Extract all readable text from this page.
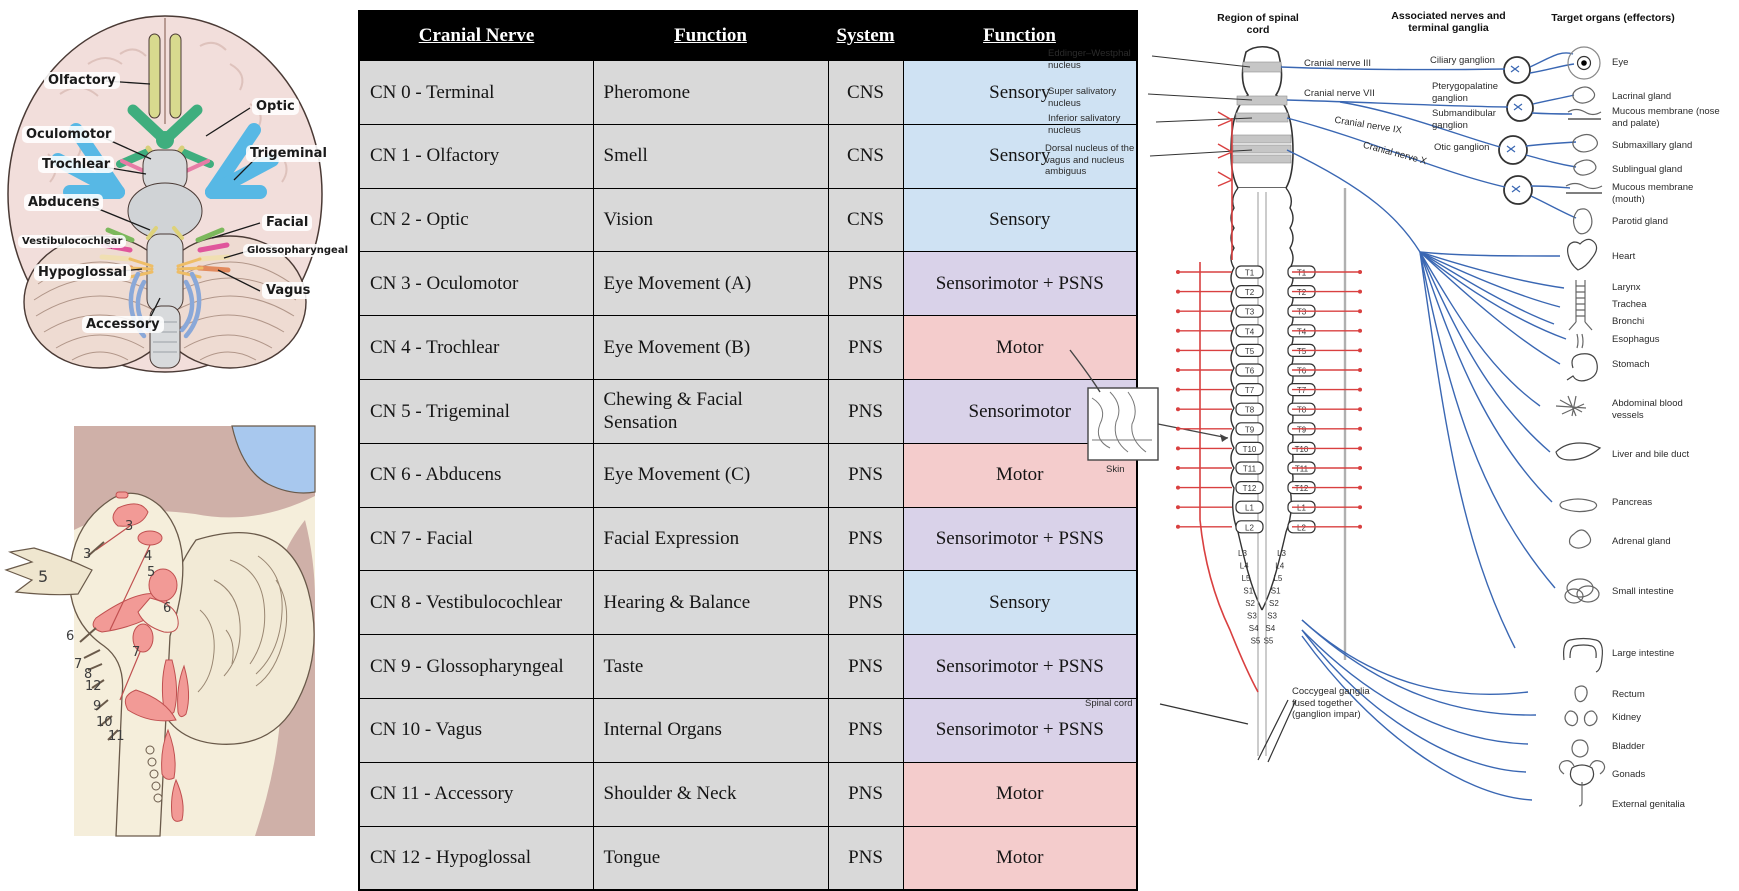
Olfactory
Optic
Oculomotor
Trochlear
Trigeminal
Abducens
Facial
Vestibulocochlear
Glossopharyngeal
Hypoglossal
Vagus
Accessory
3
3	4
5
5
6
6
7
7
8
12
9
10
11
Cranial Nerve	Function	System	Function
CN 0 - Terminal	Pheromone	CNS	Sensory
CN 1 - Olfactory	Smell	CNS	Sensory
CN 2 - Optic	Vision	CNS	Sensory
CN 3 - Oculomotor	Eye Movement (A)	PNS	Sensorimotor + PSNS
CN 4 - Trochlear	Eye Movement (B)	PNS	Motor
CN 5 - Trigeminal	Chewing & Facial Sensation	PNS	Sensorimotor
CN 6 - Abducens	Eye Movement (C)	PNS	Motor
CN 7 - Facial	Facial Expression	PNS	Sensorimotor + PSNS
CN 8 - Vestibulocochlear	Hearing & Balance	PNS	Sensory
CN 9 - Glossopharyngeal	Taste	PNS	Sensorimotor + PSNS
CN 10 - Vagus	Internal Organs	PNS	Sensorimotor + PSNS
CN 11 - Accessory	Shoulder & Neck	PNS	Motor
CN 12 - Hypoglossal	Tongue	PNS	Motor
T1	T1
T2	T2
T3	T3
T4	T4
T5	T5
T6	T6
T7	T7
T8	T8
T9	T9
T10	T10
T11	T11
T12	T12
L1	L1
L2	L2
L3	L3
L4	L4
L5	L5
S1 S1
S2 S2
S3 S3
S4 S4
S5 S5
Region of spinal cord
Associated nerves and terminal ganglia
Target organs (effectors)
Eddinger–Westphal nucleus
Super salivatory nucleus
Inferior salivatory nucleus
Dorsal nucleus of the vagus and nucleus ambiguus
Cranial nerve III
Cranial nerve VII
Cranial nerve IX
Cranial nerve X
Ciliary ganglion
Pterygopalatine ganglion
Submandibular ganglion
Otic ganglion
Skin
Spinal cord
Coccygeal ganglia fused together (ganglion impar)
Eye
Lacrinal gland
Mucous membrane (nose and palate)
Submaxillary gland
Sublingual gland
Mucous membrane (mouth)
Parotid gland
Heart
Larynx
Trachea
Bronchi
Esophagus
Stomach
Abdominal blood vessels
Liver and bile duct
Pancreas
Adrenal gland
Small intestine
Large intestine
Rectum
Kidney
Bladder
Gonads
External genitalia
